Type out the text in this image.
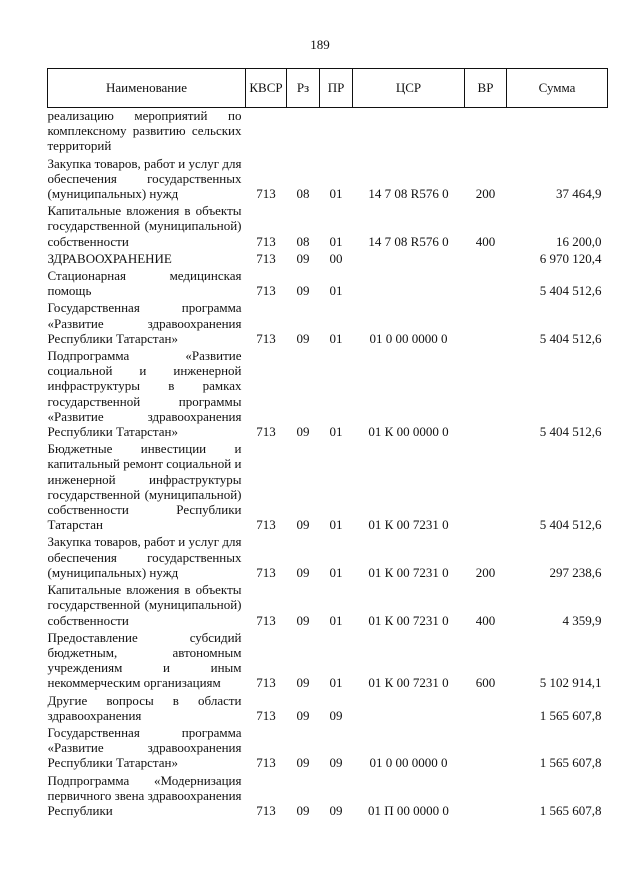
189
Наименование	КВСР	Рз	ПР	ЦСР	ВР	Сумма
реализацию мероприятий по комплексному развитию сельских территорий						
Закупка товаров, работ и услуг для обеспечения государственных (муниципальных) нужд	713	08	01	14 7 08 R576 0	200	37 464,9
Капитальные вложения в объекты государственной (муниципальной) собственности	713	08	01	14 7 08 R576 0	400	16 200,0
ЗДРАВООХРАНЕНИЕ	713	09	00			6 970 120,4
Стационарная медицинская помощь	713	09	01			5 404 512,6
Государственная программа «Развитие здравоохранения Республики Татарстан»	713	09	01	01 0 00 0000 0		5 404 512,6
Подпрограмма «Развитие социальной и инженерной инфраструктуры в рамках государственной программы «Развитие здравоохранения Республики Татарстан»	713	09	01	01 К 00 0000 0		5 404 512,6
Бюджетные инвестиции и капитальный ремонт социальной и инженерной инфраструктуры государственной (муниципальной) собственности Республики Татарстан	713	09	01	01 К 00 7231 0		5 404 512,6
Закупка товаров, работ и услуг для обеспечения государственных (муниципальных) нужд	713	09	01	01 К 00 7231 0	200	297 238,6
Капитальные вложения в объекты государственной (муниципальной) собственности	713	09	01	01 К 00 7231 0	400	4 359,9
Предоставление субсидий бюджетным, автономным учреждениям и иным некоммерческим организациям	713	09	01	01 К 00 7231 0	600	5 102 914,1
Другие вопросы в области здравоохранения	713	09	09			1 565 607,8
Государственная программа «Развитие здравоохранения Республики Татарстан»	713	09	09	01 0 00 0000 0		1 565 607,8
Подпрограмма «Модернизация первичного звена здравоохранения Республики	713	09	09	01 П 00 0000 0		1 565 607,8
